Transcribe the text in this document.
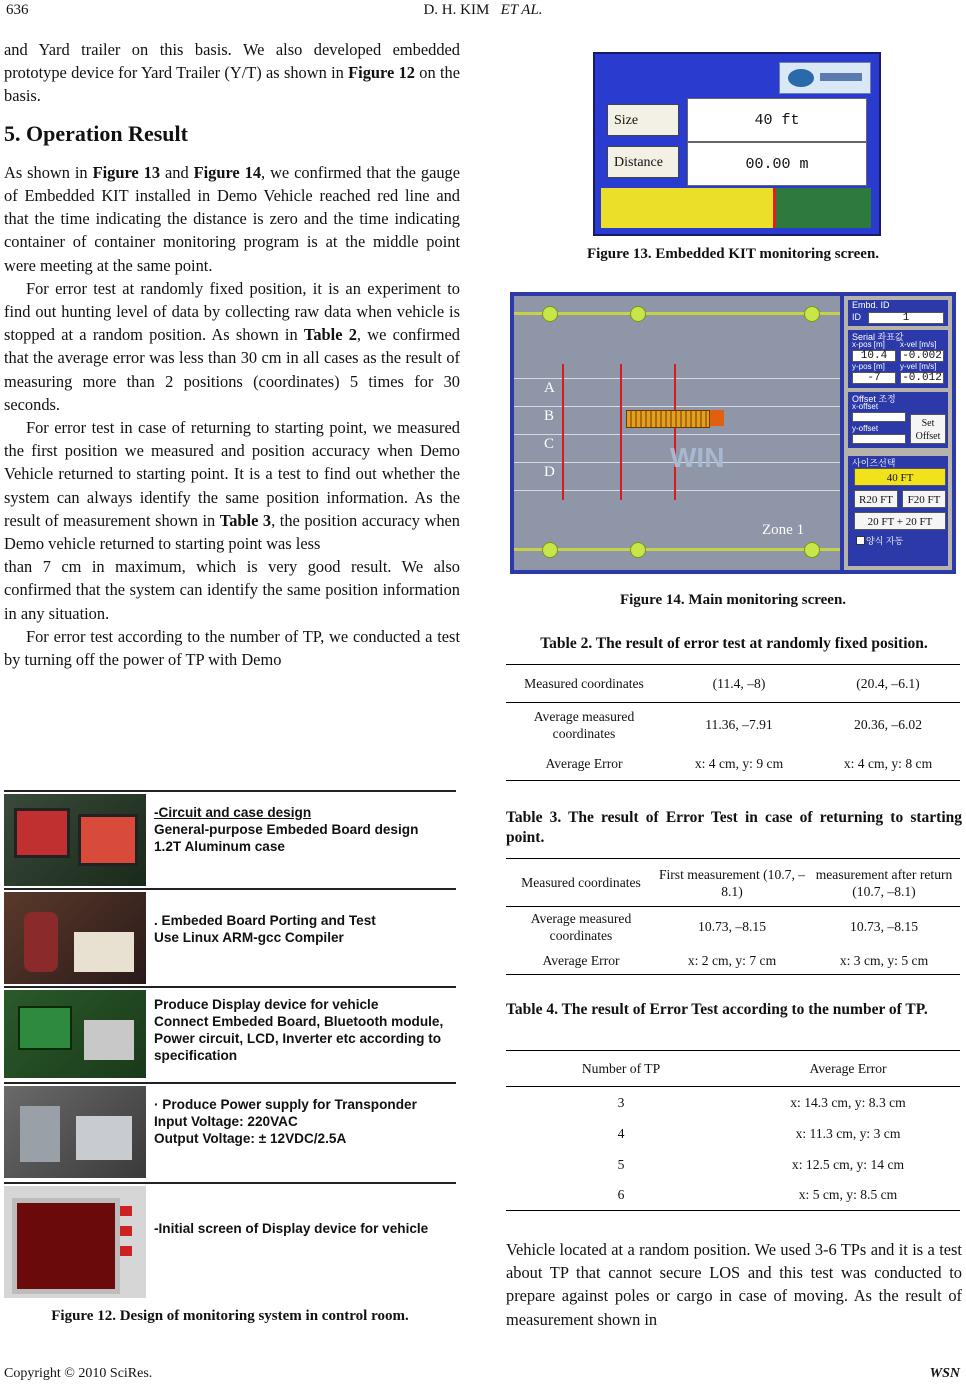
636	D. H. KIM ET AL.

and Yard trailer on this basis. We also developed embedded prototype device for Yard Trailer (Y/T) as shown in Figure 12 on the basis.

5. Operation Result

As shown in Figure 13 and Figure 14, we confirmed that the gauge of Embedded KIT installed in Demo Vehicle reached red line and that the time indicating the distance is zero and the time indicating container of container monitoring program is at the middle point were meeting at the same point.

For error test at randomly fixed position, it is an experiment to find out hunting level of data by collecting raw data when vehicle is stopped at a random position. As shown in Table 2, we confirmed that the average error was less than 30 cm in all cases as the result of measuring more than 2 positions (coordinates) 5 times for 30 seconds.

For error test in case of returning to starting point, we measured the first position we measured and position accuracy when Demo Vehicle returned to starting point. It is a test to find out whether the system can always identify the same position information. As the result of measurement shown in Table 3, the position accuracy when Demo vehicle returned to starting point was less

than 7 cm in maximum, which is very good result. We also confirmed that the system can identify the same position information in any situation.

For error test according to the number of TP, we conducted a test by turning off the power of TP with Demo

-Circuit and case design
General-purpose Embeded Board design
1.2T Aluminum case
. Embeded Board Porting and Test
Use Linux ARM-gcc Compiler
Produce Display device for vehicle
Connect Embeded Board, Bluetooth module,
Power circuit, LCD, Inverter etc according to
specification
· Produce Power supply for Transponder
Input Voltage: 220VAC
Output Voltage: ± 12VDC/2.5A
-Initial screen of Display device for vehicle
Figure 12. Design of monitoring system in control room.
Size	40 ft
Distance	00.00 m
Figure 13. Embedded KIT monitoring screen.
A
B
C
D	WIN
Zone 1
Embd. ID
ID	1
Serial 좌표값
x-pos [m] x-vel [m/s]
10.4	-0.002
y-pos [m] y-vel [m/s]
-7	-0.012
Offset 조정
x-offset
y-offset	Set
Offset
사이즈선택
40 FT
R20 FT	F20 FT
20 FT + 20 FT
양식 자동
Figure 14. Main monitoring screen.
Table 2. The result of error test at randomly fixed position.
Measured coordinates	(11.4, –8)	(20.4, –6.1)
Average measured coordinates	11.36, –7.91	20.36, –6.02
Average Error	x: 4 cm, y: 9 cm	x: 4 cm, y: 8 cm
Table 3. The result of Error Test in case of returning to starting point.
Measured coordinates	First measurement (10.7, –8.1)	measurement after return (10.7, –8.1)
Average measured coordinates	10.73, –8.15	10.73, –8.15
Average Error	x: 2 cm, y: 7 cm	x: 3 cm, y: 5 cm
Table 4. The result of Error Test according to the number of TP.
Number of TP	Average Error
3	x: 14.3 cm, y: 8.3 cm
4	x: 11.3 cm, y: 3 cm
5	x: 12.5 cm, y: 14 cm
6	x: 5 cm, y: 8.5 cm

Vehicle located at a random position. We used 3-6 TPs and it is a test about TP that cannot secure LOS and this test was conducted to prepare against poles or cargo in case of moving. As the result of measurement shown in

Copyright © 2010 SciRes.	WSN
